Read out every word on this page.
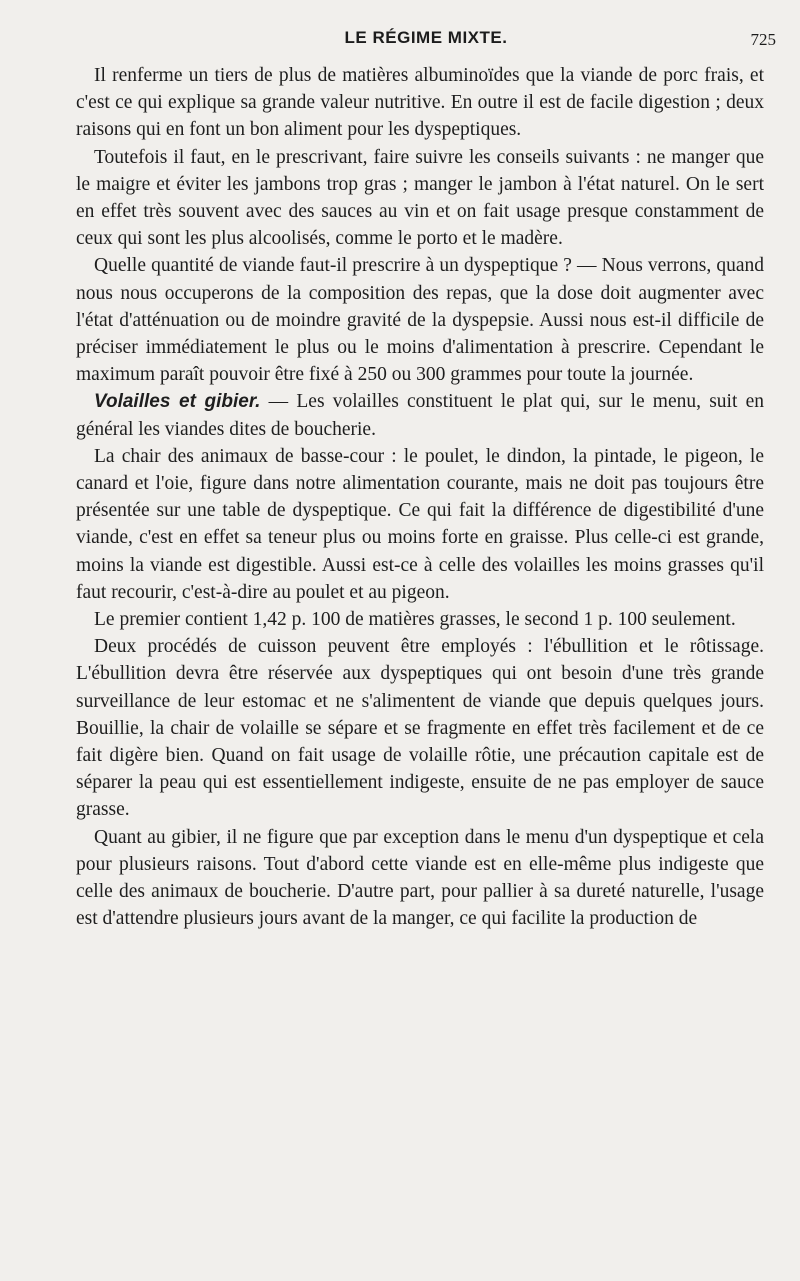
LE RÉGIME MIXTE.	725

Il renferme un tiers de plus de matières albuminoïdes que la viande de porc frais, et c'est ce qui explique sa grande valeur nutritive. En outre il est de facile digestion ; deux raisons qui en font un bon aliment pour les dyspeptiques.

Toutefois il faut, en le prescrivant, faire suivre les conseils suivants : ne manger que le maigre et éviter les jambons trop gras ; manger le jambon à l'état naturel. On le sert en effet très souvent avec des sauces au vin et on fait usage presque constamment de ceux qui sont les plus alcoolisés, comme le porto et le madère.

Quelle quantité de viande faut-il prescrire à un dyspeptique ? — Nous verrons, quand nous nous occuperons de la composition des repas, que la dose doit augmenter avec l'état d'atténuation ou de moindre gravité de la dyspepsie. Aussi nous est-il difficile de préciser immédiatement le plus ou le moins d'alimentation à prescrire. Cependant le maximum paraît pouvoir être fixé à 250 ou 300 grammes pour toute la journée.

Volailles et gibier. — Les volailles constituent le plat qui, sur le menu, suit en général les viandes dites de boucherie.

La chair des animaux de basse-cour : le poulet, le dindon, la pintade, le pigeon, le canard et l'oie, figure dans notre alimentation courante, mais ne doit pas toujours être présentée sur une table de dyspeptique. Ce qui fait la différence de digestibilité d'une viande, c'est en effet sa teneur plus ou moins forte en graisse. Plus celle-ci est grande, moins la viande est digestible. Aussi est-ce à celle des volailles les moins grasses qu'il faut recourir, c'est-à-dire au poulet et au pigeon.

Le premier contient 1,42 p. 100 de matières grasses, le second 1 p. 100 seulement.

Deux procédés de cuisson peuvent être employés : l'ébullition et le rôtissage. L'ébullition devra être réservée aux dyspeptiques qui ont besoin d'une très grande surveillance de leur estomac et ne s'alimentent de viande que depuis quelques jours. Bouillie, la chair de volaille se sépare et se fragmente en effet très facilement et de ce fait digère bien. Quand on fait usage de volaille rôtie, une précaution capitale est de séparer la peau qui est essentiellement indigeste, ensuite de ne pas employer de sauce grasse.

Quant au gibier, il ne figure que par exception dans le menu d'un dyspeptique et cela pour plusieurs raisons. Tout d'abord cette viande est en elle-même plus indigeste que celle des animaux de boucherie. D'autre part, pour pallier à sa dureté naturelle, l'usage est d'attendre plusieurs jours avant de la manger, ce qui facilite la production de
